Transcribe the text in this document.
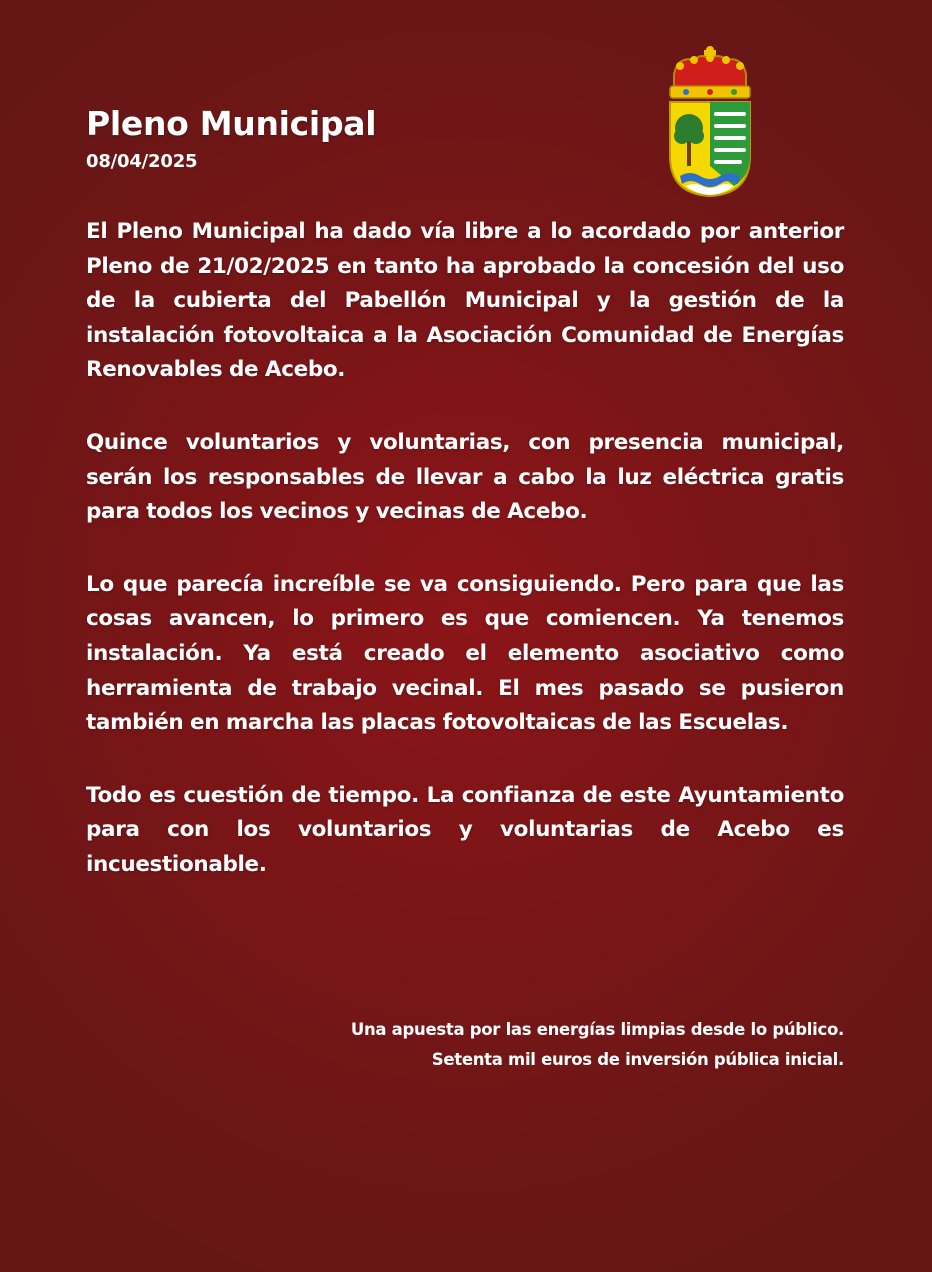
Pleno Municipal
08/04/2025

El Pleno Municipal ha dado vía libre a lo acordado por anterior Pleno de 21/02/2025 en tanto ha aprobado la concesión del uso de la cubierta del Pabellón Municipal y la gestión de la instalación fotovoltaica a la Asociación Comunidad de Energías Renovables de Acebo.

Quince voluntarios y voluntarias, con presencia municipal, serán los responsables de llevar a cabo la luz eléctrica gratis para todos los vecinos y vecinas de Acebo.

Lo que parecía increíble se va consiguiendo. Pero para que las cosas avancen, lo primero es que comiencen. Ya tenemos instalación. Ya está creado el elemento asociativo como herramienta de trabajo vecinal. El mes pasado se pusieron también en marcha las placas fotovoltaicas de las Escuelas.

Todo es cuestión de tiempo. La confianza de este Ayuntamiento para con los voluntarios y voluntarias de Acebo es incuestionable.

Una apuesta por las energías limpias desde lo público.
Setenta mil euros de inversión pública inicial.
